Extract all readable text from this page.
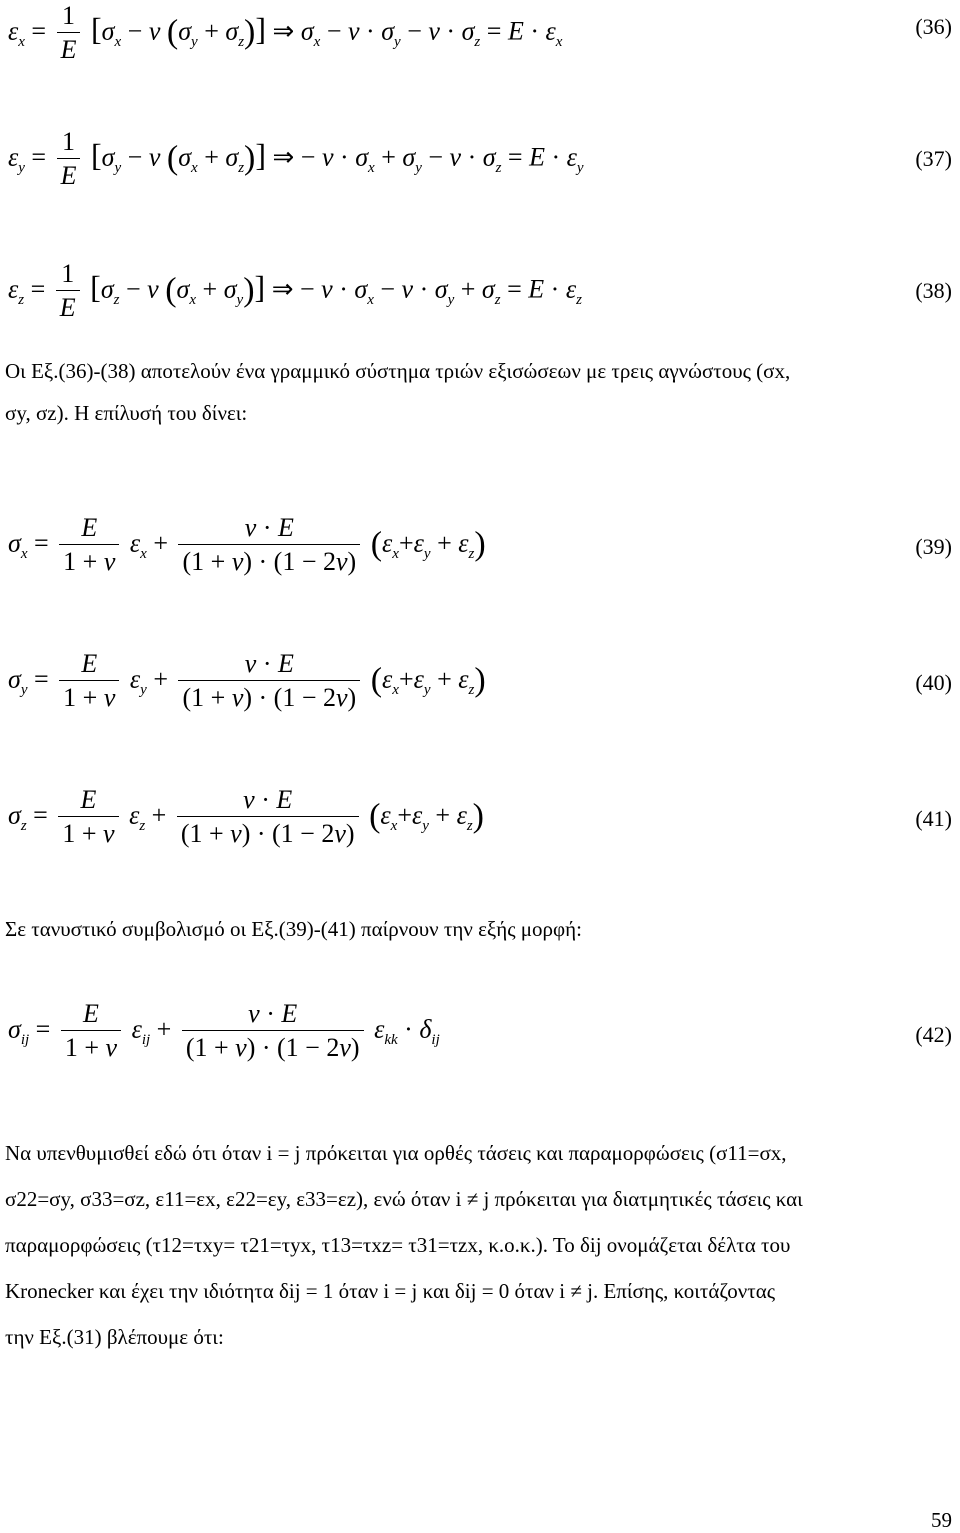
$\varepsilon_x = \frac{1}{E} [\sigma_x - \nu$ $(\sigma_y + \sigma_z)$] ⇒ $\sigma_x - \nu \cdot \sigma_y - \nu \cdot \sigma_z = E \cdot \varepsilon_x$
(36)
$\varepsilon_y = \frac{1}{E} [\sigma_y - \nu$ $(\sigma_x + \sigma_z)$] ⇒ − $\nu \cdot \sigma_x + \sigma_y - \nu \cdot \sigma_z = E \cdot \varepsilon_y$	(37)
$\varepsilon_z = \frac{1}{E} [\sigma_z - \nu$ $(\sigma_x + \sigma_y)$] ⇒ − $\nu \cdot \sigma_x - \nu \cdot \sigma_y + \sigma_z = E \cdot \varepsilon_z$	(38)
Οι Εξ.(36)-(38) αποτελούν ένα γραμμικό σύστημα τριών εξισώσεων με τρεις αγνώστους (σx,
σy, σz). Η επίλυσή του δίνει:
$\sigma_x = \frac{E}{1 + \nu} \varepsilon_x + \frac{\nu \cdot E}{(1 + \nu) \cdot (1 - 2\nu)} (\varepsilon_x+\varepsilon_y + \varepsilon_z)$	(39)
$\sigma_y = \frac{E}{1 + \nu} \varepsilon_y + \frac{\nu \cdot E}{(1 + \nu) \cdot (1 - 2\nu)} (\varepsilon_x+\varepsilon_y + \varepsilon_z)$	(40)
$\sigma_z = \frac{E}{1 + \nu} \varepsilon_z + \frac{\nu \cdot E}{(1 + \nu) \cdot (1 - 2\nu)} (\varepsilon_x+\varepsilon_y + \varepsilon_z)$	(41)
Σε τανυστικό συμβολισμό οι Εξ.(39)-(41) παίρνουν την εξής μορφή:
$\sigma_{ij} = \frac{E}{1 + \nu} \varepsilon_{ij} + \frac{\nu \cdot E}{(1 + \nu) \cdot (1 - 2\nu)} \varepsilon_{kk} \cdot \delta_{ij}$	(42)
Να υπενθυμισθεί εδώ ότι όταν i = j πρόκειται για ορθές τάσεις και παραμορφώσεις (σ11=σx,
σ22=σy, σ33=σz, ε11=εx, ε22=εy, ε33=εz), ενώ όταν i ≠ j πρόκειται για διατμητικές τάσεις και
παραμορφώσεις (τ12=τxy= τ21=τyx, τ13=τxz= τ31=τzx, κ.ο.κ.). Το δij ονομάζεται δέλτα του
Kronecker και έχει την ιδιότητα δij = 1 όταν i = j και δij = 0 όταν i ≠ j. Επίσης, κοιτάζοντας
την Εξ.(31) βλέπουμε ότι:
59
